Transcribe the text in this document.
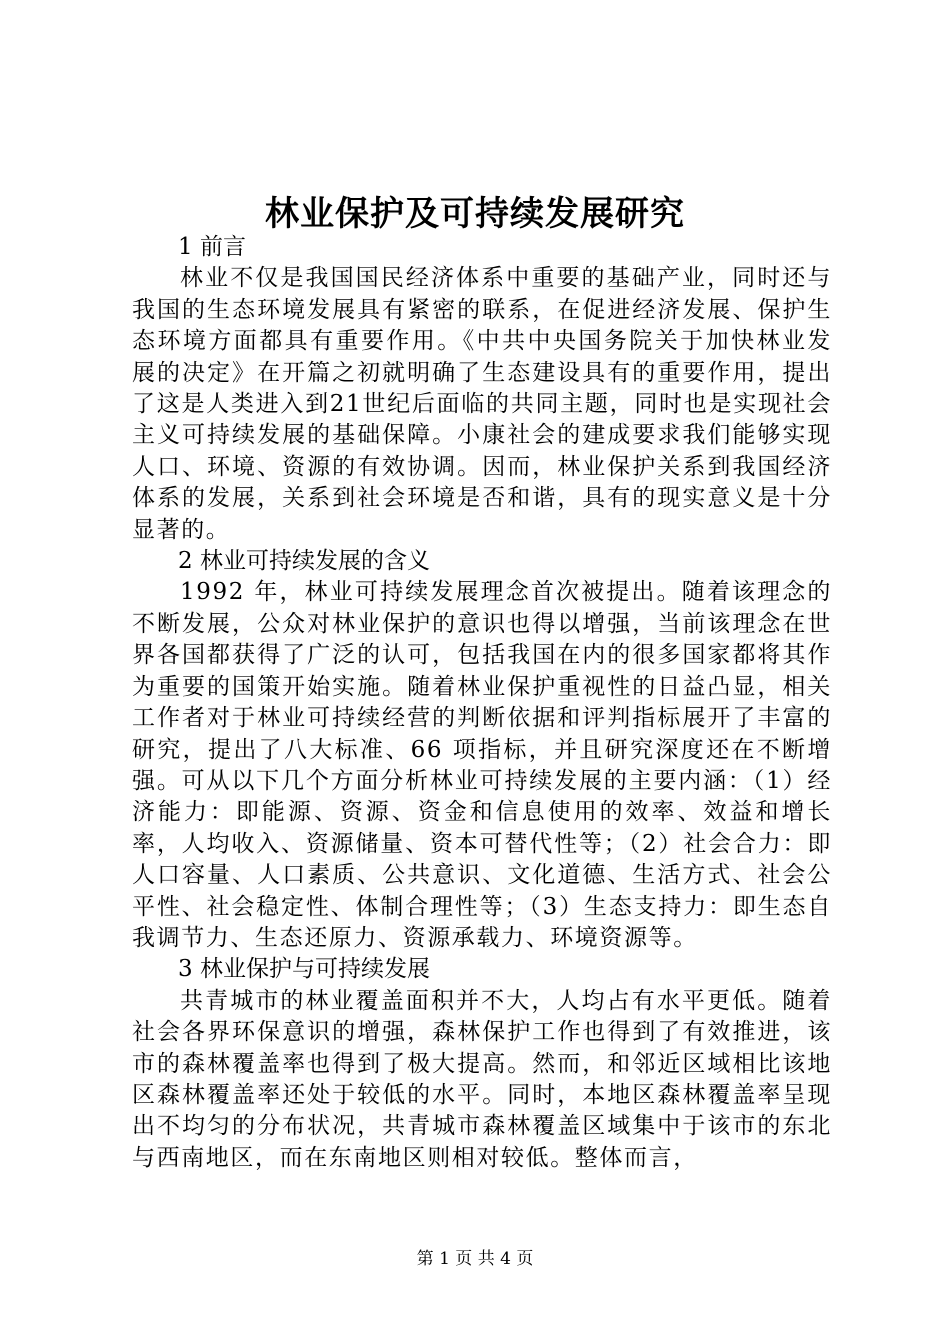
林业保护及可持续发展研究

1 前言

林业不仅是我国国民经济体系中重要的基础产业，同时还与我国的生态环境发展具有紧密的联系，在促进经济发展、保护生态环境方面都具有重要作用。《中共中央国务院关于加快林业发展的决定》在开篇之初就明确了生态建设具有的重要作用，提出了这是人类进入到21世纪后面临的共同主题，同时也是实现社会主义可持续发展的基础保障。小康社会的建成要求我们能够实现人口、环境、资源的有效协调。因而，林业保护关系到我国经济体系的发展，关系到社会环境是否和谐，具有的现实意义是十分显著的。

2 林业可持续发展的含义

1992 年，林业可持续发展理念首次被提出。随着该理念的不断发展，公众对林业保护的意识也得以增强，当前该理念在世界各国都获得了广泛的认可，包括我国在内的很多国家都将其作为重要的国策开始实施。随着林业保护重视性的日益凸显，相关工作者对于林业可持续经营的判断依据和评判指标展开了丰富的研究，提出了八大标准、66 项指标，并且研究深度还在不断增强。可从以下几个方面分析林业可持续发展的主要内涵：（1）经济能力：即能源、资源、资金和信息使用的效率、效益和增长率，人均收入、资源储量、资本可替代性等；（2）社会合力：即人口容量、人口素质、公共意识、文化道德、生活方式、社会公平性、社会稳定性、体制合理性等；（3）生态支持力：即生态自我调节力、生态还原力、资源承载力、环境资源等。

3 林业保护与可持续发展

共青城市的林业覆盖面积并不大，人均占有水平更低。随着社会各界环保意识的增强，森林保护工作也得到了有效推进，该市的森林覆盖率也得到了极大提高。然而，和邻近区域相比该地区森林覆盖率还处于较低的水平。同时，本地区森林覆盖率呈现出不均匀的分布状况，共青城市森林覆盖区域集中于该市的东北与西南地区，而在东南地区则相对较低。整体而言，

第 1 页 共 4 页
